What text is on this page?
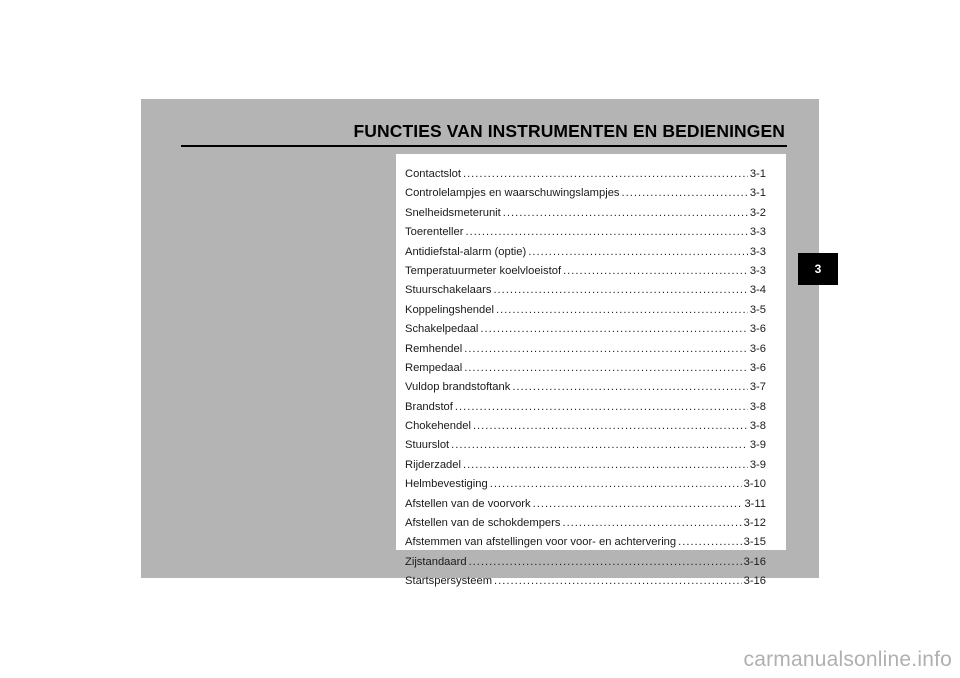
FUNCTIES VAN INSTRUMENTEN EN BEDIENINGEN
Contactslot .....	3-1
Controlelampjes en waarschuwingslampjes .....	3-1
Snelheidsmeterunit .....	3-2
Toerenteller .....	3-3
Antidiefstal-alarm (optie) .....	3-3
Temperatuurmeter koelvloeistof .....	3-3
Stuurschakelaars .....	3-4
Koppelingshendel .....	3-5
Schakelpedaal .....	3-6
Remhendel .....	3-6
Rempedaal .....	3-6
Vuldop brandstoftank .....	3-7
Brandstof .....	3-8
Chokehendel .....	3-8
Stuurslot .....	3-9
Rijderzadel .....	3-9
Helmbevestiging .....	3-10
Afstellen van de voorvork .....	3-11
Afstellen van de schokdempers .....	3-12
Afstemmen van afstellingen voor voor- en achtervering .....	3-15
Zijstandaard .....	3-16
Startspersysteem .....	3-16
3
carmanualsonline.info
